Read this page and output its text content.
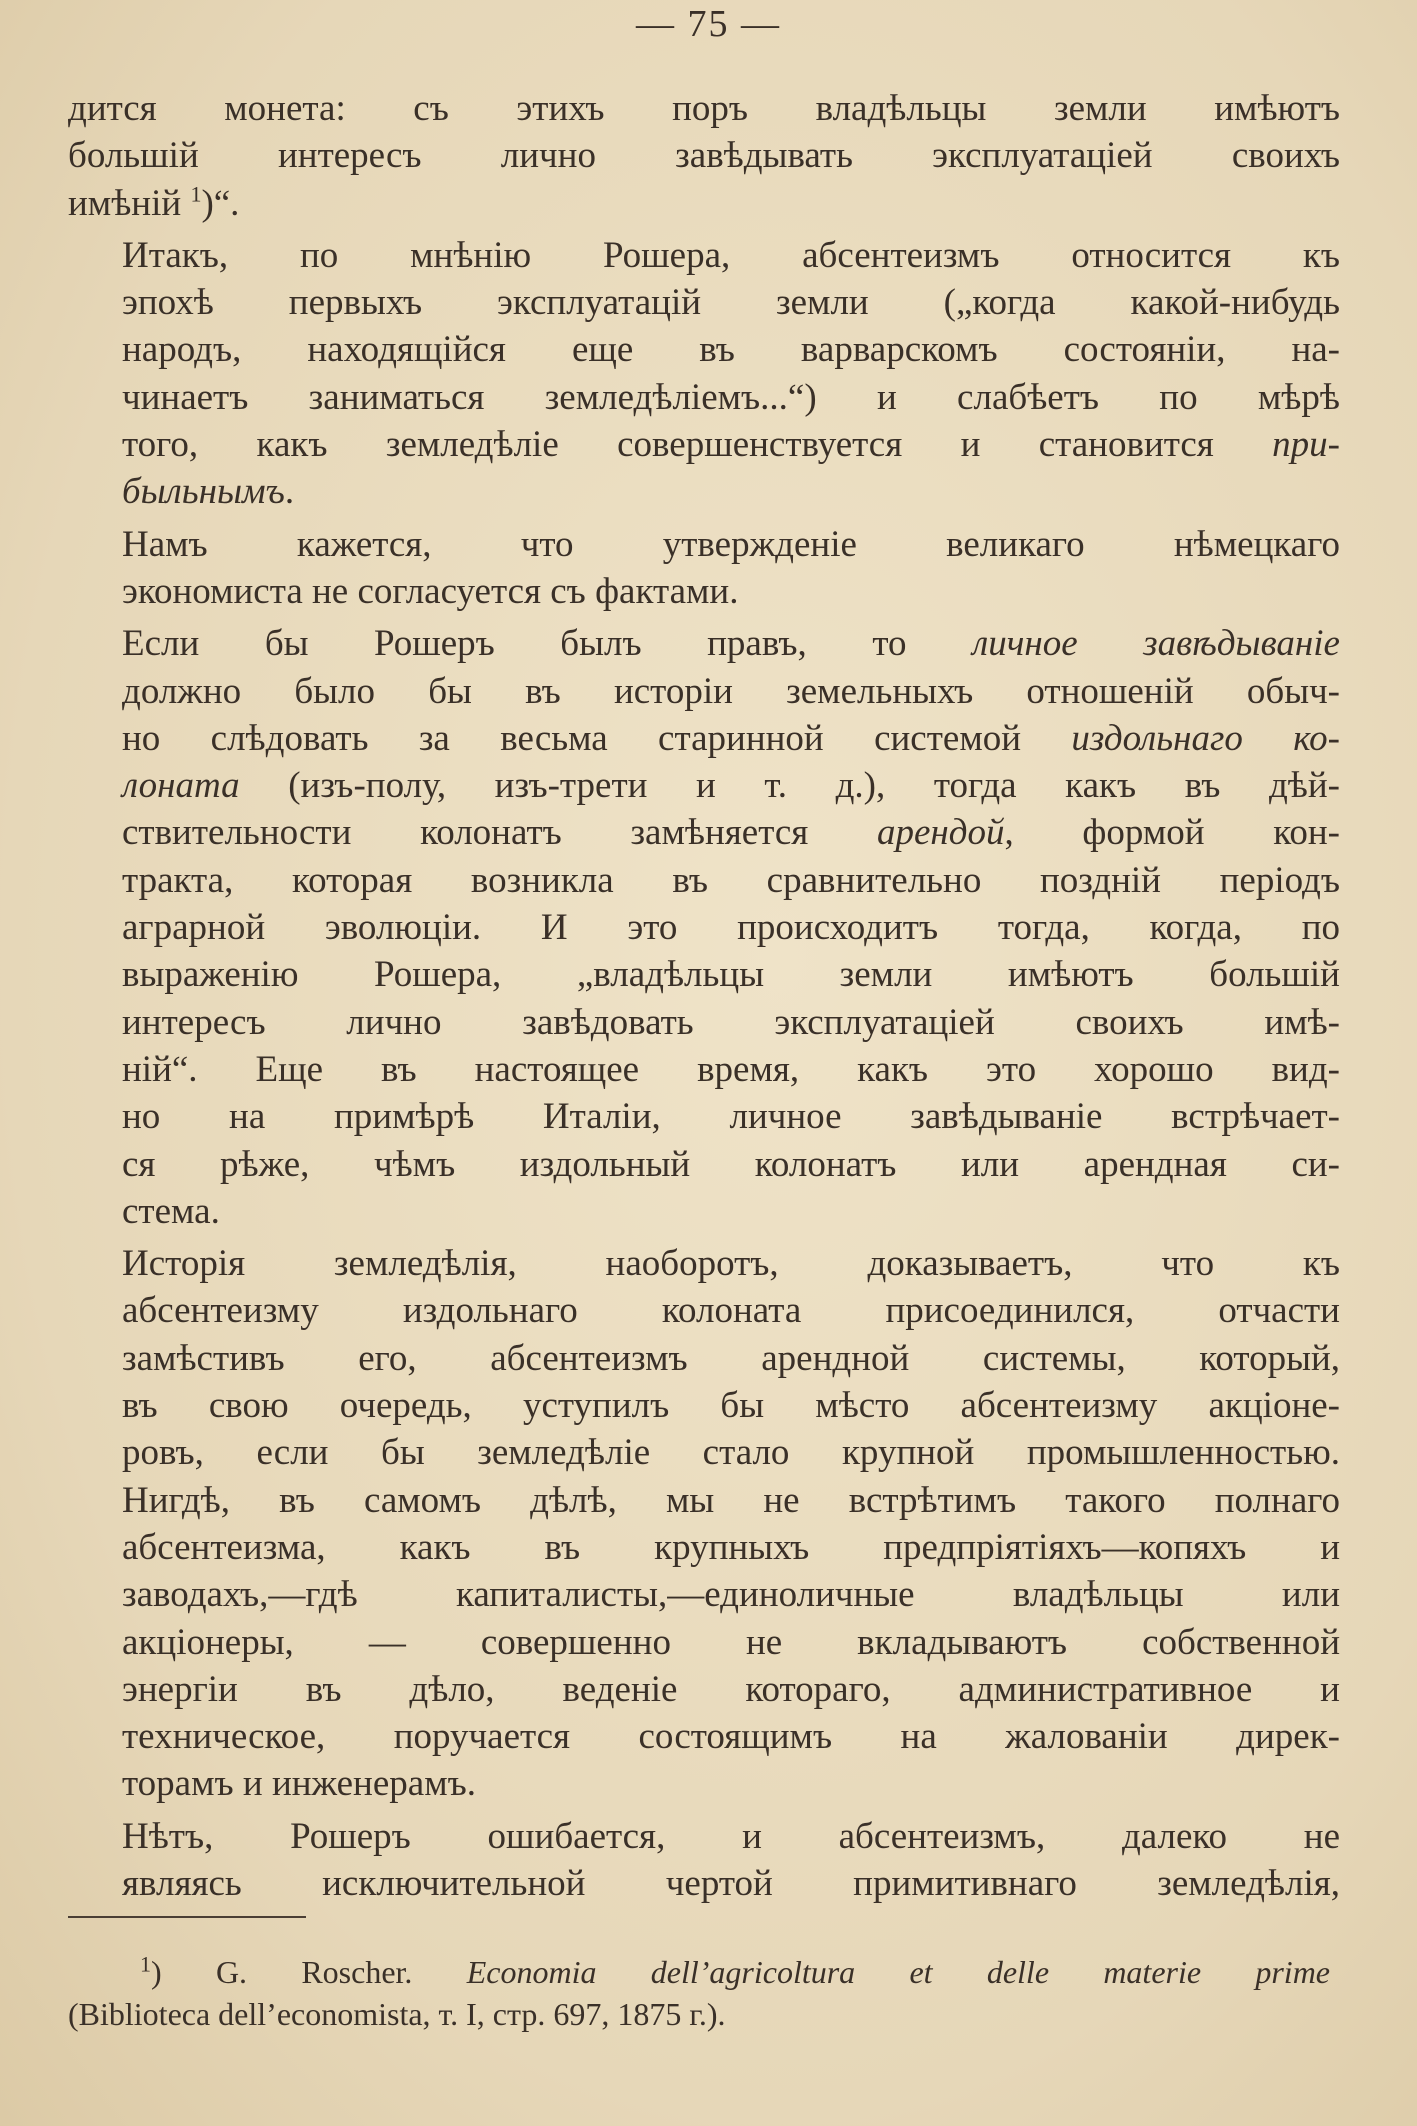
— 75 —
дится монета: съ этихъ поръ владѣльцы земли имѣютъ
большій интересъ лично завѣдывать эксплуатаціей своихъ
имѣній $^1$)“.
Итакъ, по мнѣнію Рошера, абсентеизмъ относится къ
эпохѣ первыхъ эксплуатацій земли („когда какой-нибудь
народъ, находящійся еще въ варварскомъ состояніи, на-
чинаетъ заниматься земледѣліемъ...“) и слабѣетъ по мѣрѣ
того, какъ земледѣліе совершенствуется и становится при-
быльнымъ.
Намъ кажется, что утвержденіе великаго нѣмецкаго
экономиста не согласуется съ фактами.
Если бы Рошеръ былъ правъ, то личное завѣдываніе
должно было бы въ исторіи земельныхъ отношеній обыч-
но слѣдовать за весьма старинной системой издольнаго ко-
лоната (изъ-полу, изъ-трети и т. д.), тогда какъ въ дѣй-
ствительности колонатъ замѣняется арендой, формой кон-
тракта, которая возникла въ сравнительно поздній періодъ
аграрной эволюціи. И это происходитъ тогда, когда, по
выраженію Рошера, „владѣльцы земли имѣютъ большій
интересъ лично завѣдовать эксплуатаціей своихъ имѣ-
ній“. Еще въ настоящее время, какъ это хорошо вид-
но на примѣрѣ Италіи, личное завѣдываніе встрѣчает-
ся рѣже, чѣмъ издольный колонатъ или арендная си-
стема.
Исторія земледѣлія, наоборотъ, доказываетъ, что къ
абсентеизму издольнаго колоната присоединился, отчасти
замѣстивъ его, абсентеизмъ арендной системы, который,
въ свою очередь, уступилъ бы мѣсто абсентеизму акціоне-
ровъ, если бы земледѣліе стало крупной промышленностью.
Нигдѣ, въ самомъ дѣлѣ, мы не встрѣтимъ такого полнаго
абсентеизма, какъ въ крупныхъ предпріятіяхъ—копяхъ и
заводахъ,—гдѣ капиталисты,—единоличные владѣльцы или
акціонеры, — совершенно не вкладываютъ собственной
энергіи въ дѣло, веденіе котораго, административное и
техническое, поручается состоящимъ на жалованіи дирек-
торамъ и инженерамъ.
Нѣтъ, Рошеръ ошибается, и абсентеизмъ, далеко не
являясь исключительной чертой примитивнаго земледѣлія,
$^1$) G. Roscher. Economia dell’agricoltura et delle materie prime
(Biblioteca dell’economista, т. I, стр. 697, 1875 г.).
